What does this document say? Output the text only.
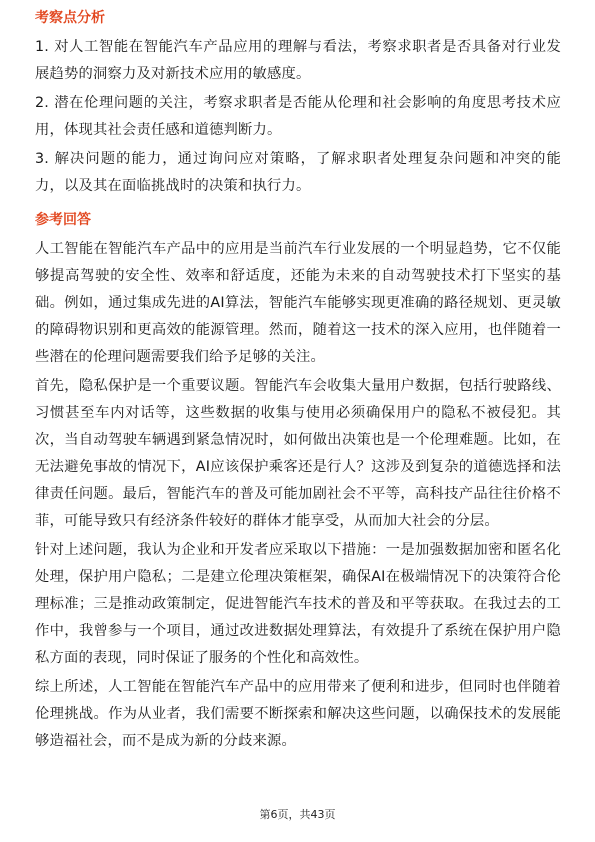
考察点分析

1. 对人工智能在智能汽车产品应用的理解与看法，考察求职者是否具备对行业发展趋势的洞察力及对新技术应用的敏感度。

2. 潜在伦理问题的关注，考察求职者是否能从伦理和社会影响的角度思考技术应用，体现其社会责任感和道德判断力。

3. 解决问题的能力，通过询问应对策略，了解求职者处理复杂问题和冲突的能力，以及其在面临挑战时的决策和执行力。

参考回答

人工智能在智能汽车产品中的应用是当前汽车行业发展的一个明显趋势，它不仅能够提高驾驶的安全性、效率和舒适度，还能为未来的自动驾驶技术打下坚实的基础。例如，通过集成先进的AI算法，智能汽车能够实现更准确的路径规划、更灵敏的障碍物识别和更高效的能源管理。然而，随着这一技术的深入应用，也伴随着一些潜在的伦理问题需要我们给予足够的关注。

首先，隐私保护是一个重要议题。智能汽车会收集大量用户数据，包括行驶路线、习惯甚至车内对话等，这些数据的收集与使用必须确保用户的隐私不被侵犯。其次，当自动驾驶车辆遇到紧急情况时，如何做出决策也是一个伦理难题。比如，在无法避免事故的情况下，AI应该保护乘客还是行人？这涉及到复杂的道德选择和法律责任问题。最后，智能汽车的普及可能加剧社会不平等，高科技产品往往价格不菲，可能导致只有经济条件较好的群体才能享受，从而加大社会的分层。

针对上述问题，我认为企业和开发者应采取以下措施：一是加强数据加密和匿名化处理，保护用户隐私；二是建立伦理决策框架，确保AI在极端情况下的决策符合伦理标准；三是推动政策制定，促进智能汽车技术的普及和平等获取。在我过去的工作中，我曾参与一个项目，通过改进数据处理算法，有效提升了系统在保护用户隐私方面的表现，同时保证了服务的个性化和高效性。

综上所述，人工智能在智能汽车产品中的应用带来了便利和进步，但同时也伴随着伦理挑战。作为从业者，我们需要不断探索和解决这些问题，以确保技术的发展能够造福社会，而不是成为新的分歧来源。

第6页，共43页
